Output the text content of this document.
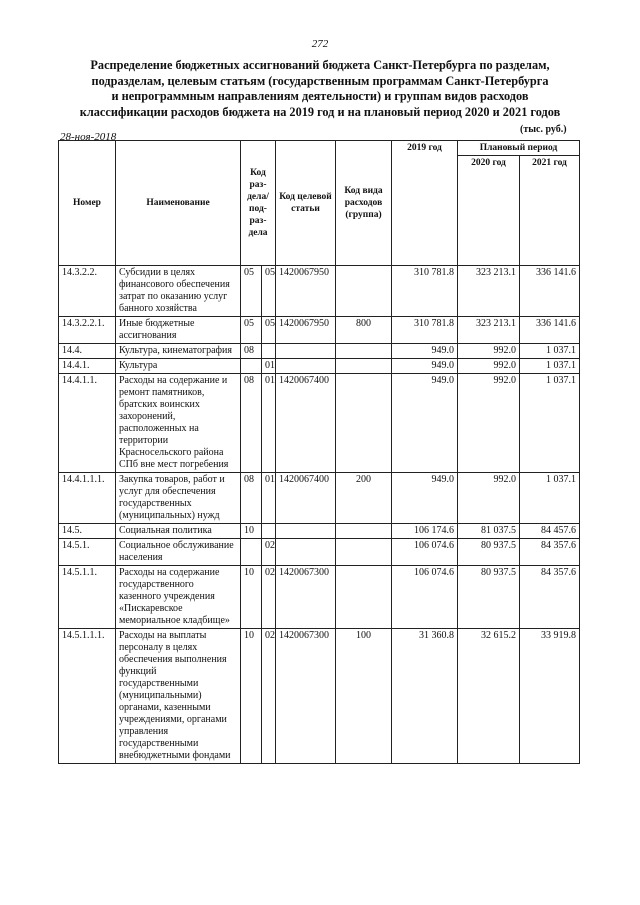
272
Распределение бюджетных ассигнований бюджета Санкт-Петербурга по разделам,
подразделам, целевым статьям (государственным программам Санкт-Петербурга
и непрограммным направлениям деятельности) и группам видов расходов
классификации расходов бюджета на 2019 год и на плановый период 2020 и 2021 годов
28-ноя-2018
(тыс. руб.)
Номер	Наименование	Код раз-дела/ под-раз-дела		Код целевой статьи	Код вида расходов (группа)	2019 год	Плановый период	
							2020 год	2021 год
14.3.2.2.	Субсидии в целях финансового обеспечения затрат по оказанию услуг банного хозяйства	05	05	1420067950		310 781.8	323 213.1	336 141.6
14.3.2.2.1.	Иные бюджетные ассигнования	05	05	1420067950	800	310 781.8	323 213.1	336 141.6
14.4.	Культура, кинематография	08				949.0	992.0	1 037.1
14.4.1.	Культура		01			949.0	992.0	1 037.1
14.4.1.1.	Расходы на содержание и ремонт памятников, братских воинских захоронений, расположенных на территории Красносельского района СПб вне мест погребения	08	01	1420067400		949.0	992.0	1 037.1
14.4.1.1.1.	Закупка товаров, работ и услуг для обеспечения государственных (муниципальных) нужд	08	01	1420067400	200	949.0	992.0	1 037.1
14.5.	Социальная политика	10				106 174.6	81 037.5	84 457.6
14.5.1.	Социальное обслуживание населения		02			106 074.6	80 937.5	84 357.6
14.5.1.1.	Расходы на содержание государственного казенного учреждения «Пискаревское мемориальное кладбище»	10	02	1420067300		106 074.6	80 937.5	84 357.6
14.5.1.1.1.	Расходы на выплаты персоналу в целях обеспечения выполнения функций государственными (муниципальными) органами, казенными учреждениями, органами управления государственными внебюджетными фондами	10	02	1420067300	100	31 360.8	32 615.2	33 919.8
